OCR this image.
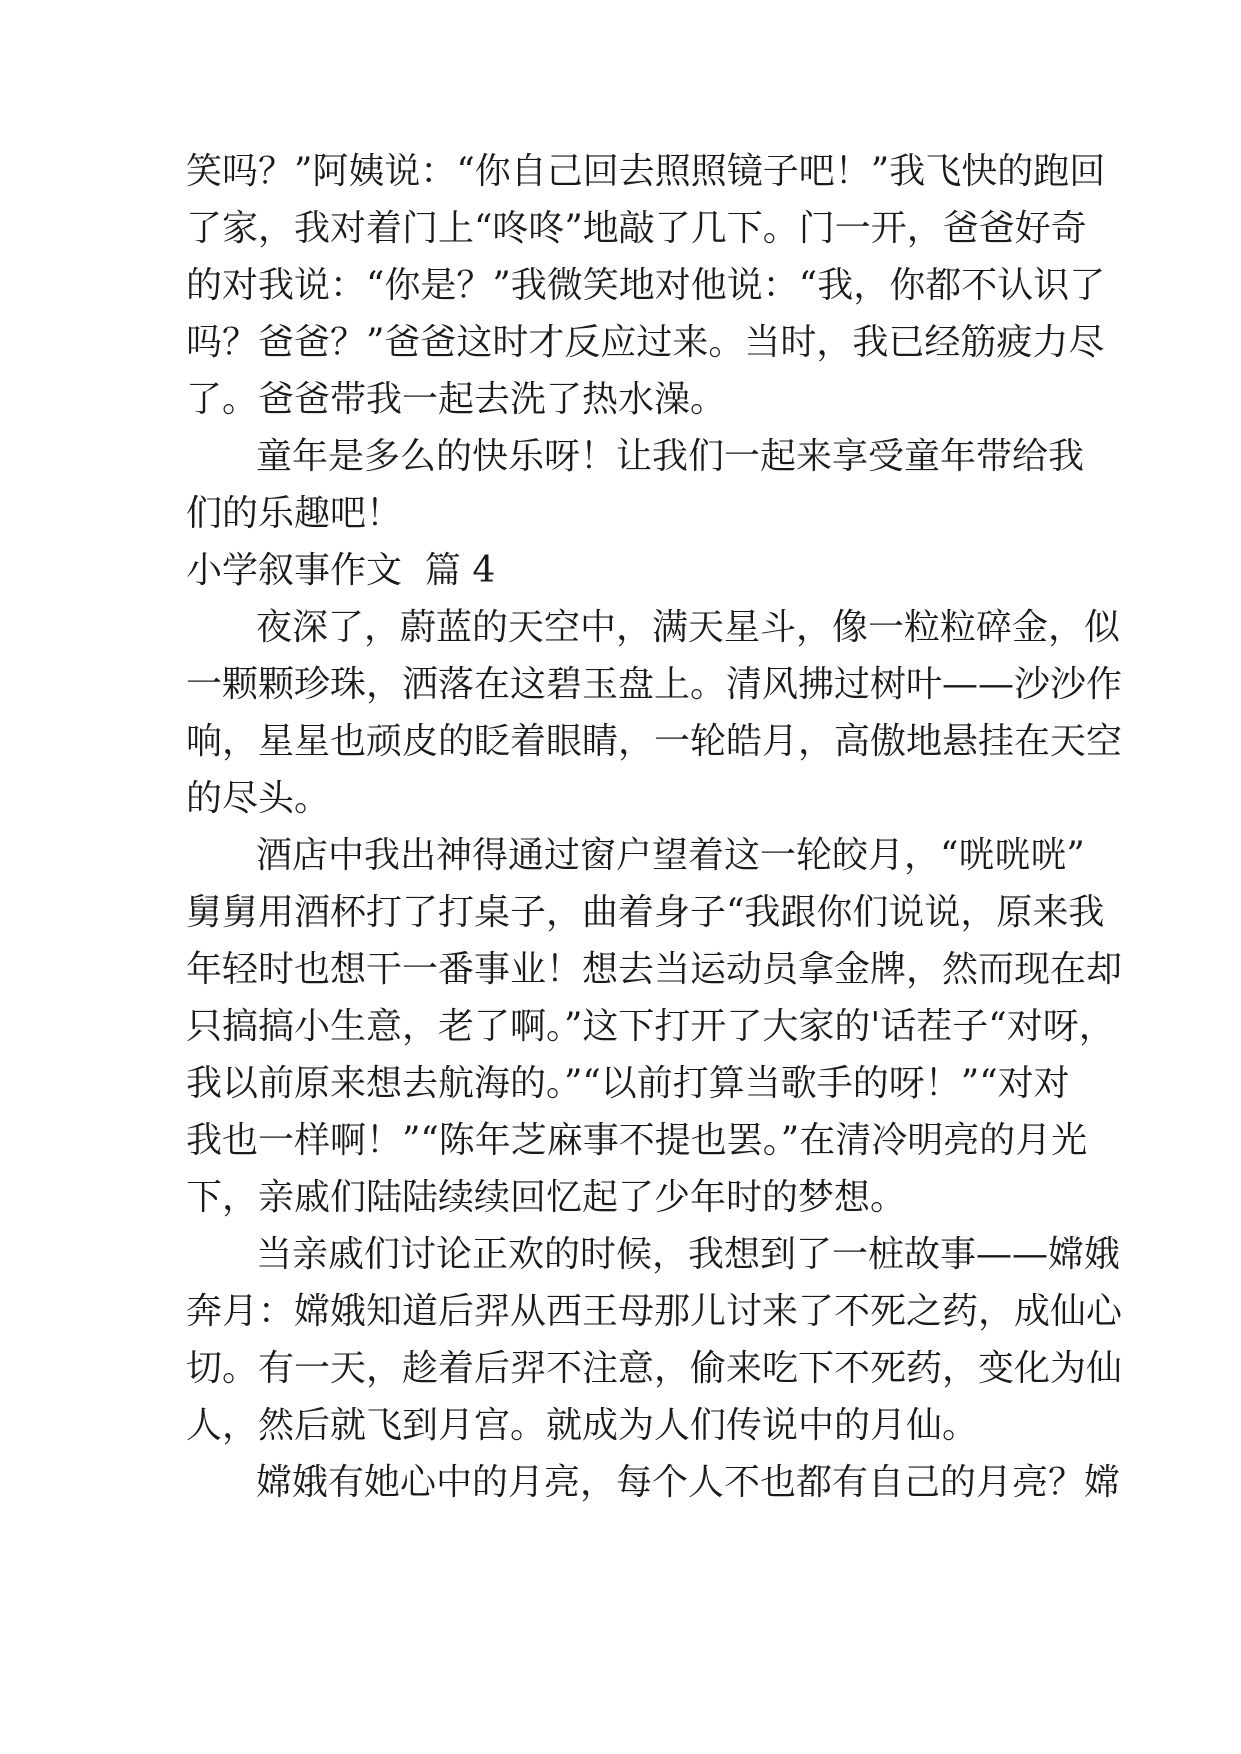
笑吗？”阿姨说：“你自己回去照照镜子吧！”我飞快的跑回
了家，我对着门上“咚咚”地敲了几下。门一开，爸爸好奇
的对我说：“你是？”我微笑地对他说：“我，你都不认识了
吗？爸爸？”爸爸这时才反应过来。当时，我已经筋疲力尽
了。爸爸带我一起去洗了热水澡。
童年是多么的快乐呀！让我们一起来享受童年带给我
们的乐趣吧！
小学叙事作文  篇 4
夜深了，蔚蓝的天空中，满天星斗，像一粒粒碎金，似
一颗颗珍珠，洒落在这碧玉盘上。清风拂过树叶——沙沙作
响，星星也顽皮的眨着眼睛，一轮皓月，高傲地悬挂在天空
的尽头。
酒店中我出神得通过窗户望着这一轮皎月，“咣咣咣”
舅舅用酒杯打了打桌子，曲着身子“我跟你们说说，原来我
年轻时也想干一番事业！想去当运动员拿金牌，然而现在却
只搞搞小生意，老了啊。”这下打开了大家的'话茬子“对呀，
我以前原来想去航海的。”“以前打算当歌手的呀！”“对对
我也一样啊！”“陈年芝麻事不提也罢。”在清冷明亮的月光
下，亲戚们陆陆续续回忆起了少年时的梦想。
当亲戚们讨论正欢的时候，我想到了一桩故事——嫦娥
奔月：嫦娥知道后羿从西王母那儿讨来了不死之药，成仙心
切。有一天，趁着后羿不注意，偷来吃下不死药，变化为仙
人，然后就飞到月宫。就成为人们传说中的月仙。
嫦娥有她心中的月亮，每个人不也都有自己的月亮？嫦
